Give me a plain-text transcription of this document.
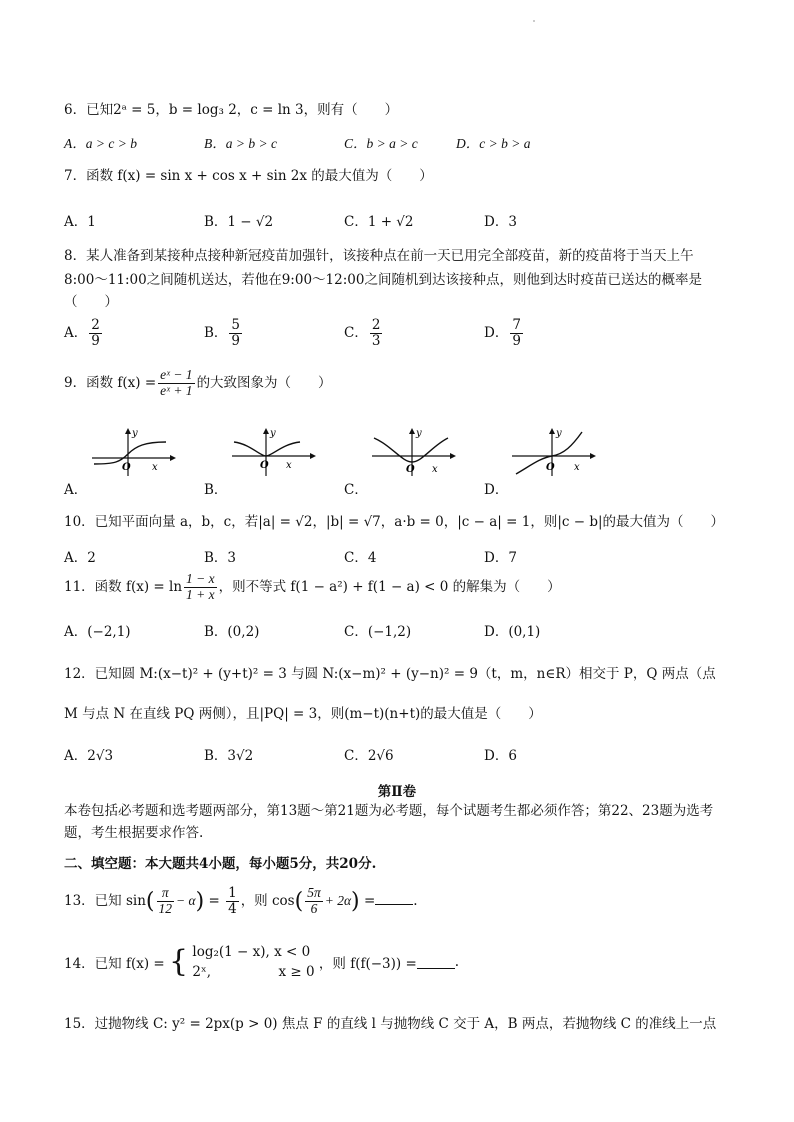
6．已知2ᵃ = 5，b = log₃ 2，c = ln 3，则有（　　）
A．a > c > b	B．a > b > c	C．b > a > c	D．c > b > a
7．函数 f(x) = sin x + cos x + sin 2x 的最大值为（　　）
A．1	B．1 − √2	C．1 + √2	D．3
8．某人准备到某接种点接种新冠疫苗加强针，该接种点在前一天已用完全部疫苗，新的疫苗将于当天上午
8:00～11:00之间随机送达，若他在9:00～12:00之间随机到达该接种点，则他到达时疫苗已送达的概率是
（　　）
A． $\frac{2}{9}$	B． $\frac{5}{9}$	C． $\frac{2}{3}$	D． $\frac{7}{9}$
9．函数 $f(x) = \frac{\text{eˣ − 1}}{\text{eˣ + 1}}$ 的大致图象为（　　）
y
O x
y
O x
y
O x
y
O x
A．	B．	C．	D．
10．已知平面向量 a，b，c，若|a| = √2，|b| = √7，a·b = 0，|c − a| = 1，则|c − b|的最大值为（　　）
A．2	B．3	C．4	D．7
11．函数 $f(x) = \ln \frac{1 - x}{1 + x}$ ，则不等式 f(1 − a²) + f(1 − a) < 0 的解集为（　　）
A．(−2,1)	B．(0,2)	C．(−1,2)	D．(0,1)
12．已知圆 M:(x−t)² + (y+t)² = 3 与圆 N:(x−m)² + (y−n)² = 9（t，m，n∈R）相交于 P，Q 两点（点
M 与点 N 在直线 PQ 两侧），且|PQ| = 3，则(m−t)(n+t)的最大值是（　　）
A．2√3	B．3√2	C．2√6	D．6
第Ⅱ卷
本卷包括必考题和选考题两部分，第13题～第21题为必考题，每个试题考生都必须作答；第22、23题为选考题，考生根据要求作答.
二、填空题：本大题共4小题，每小题5分，共20分.
13．已知 $\sin( \frac{\pi}{12} - \alpha) = \frac{1}{4}$ ，则 $\cos( \frac{5\pi}{6} + 2\alpha)$ =	.
14．已知 f(x) = { log₂(1 − x), x < 0
2ˣ,　　　　　x ≥ 0 ，则 f(f(−3)) =	.
15．过抛物线 C: y² = 2px(p > 0) 焦点 F 的直线 l 与抛物线 C 交于 A，B 两点，若抛物线 C 的准线上一点
